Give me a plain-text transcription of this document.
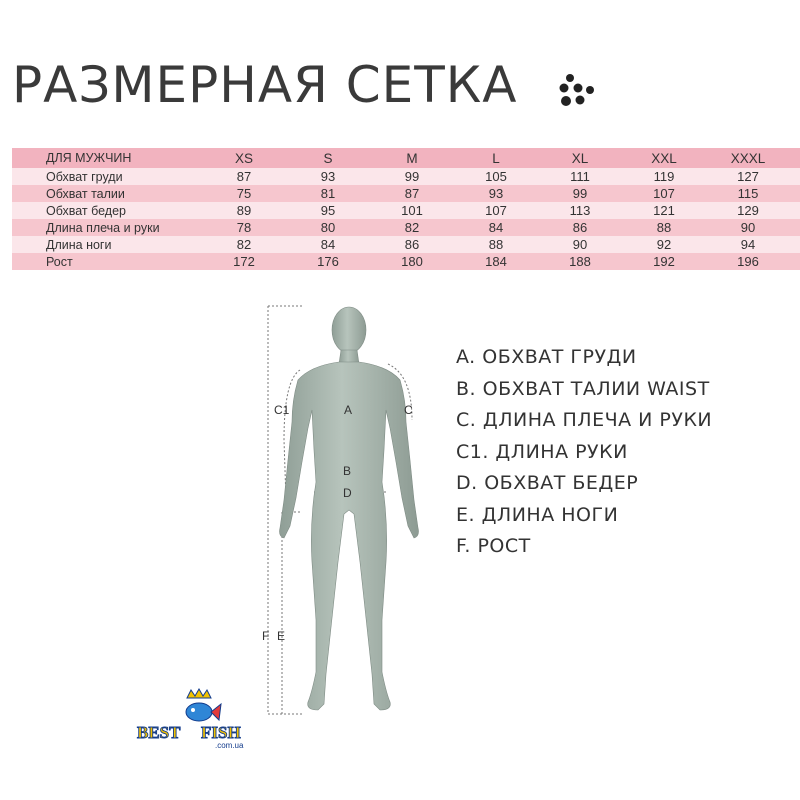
РАЗМЕРНАЯ СЕТКА
ДЛЯ МУЖЧИН	XS	S	M	L	XL	XXL	XXXL
Обхват груди	87	93	99	105	111	119	127
Обхват талии	75	81	87	93	99	107	115
Обхват бедер	89	95	101	107	113	121	129
Длина плеча и руки	78	80	82	84	86	88	90
Длина ноги	82	84	86	88	90	92	94
Рост	172	176	180	184	188	192	196
A	C
C1
B
D
F E
A. ОБХВАТ ГРУДИ
B. ОБХВАТ ТАЛИИ WAIST
C. ДЛИНА ПЛЕЧА И РУКИ
C1. ДЛИНА РУКИ
D. ОБХВАТ БЕДЕР
E. ДЛИНА НОГИ
F. РОСТ
BEST FISH
.com.ua
